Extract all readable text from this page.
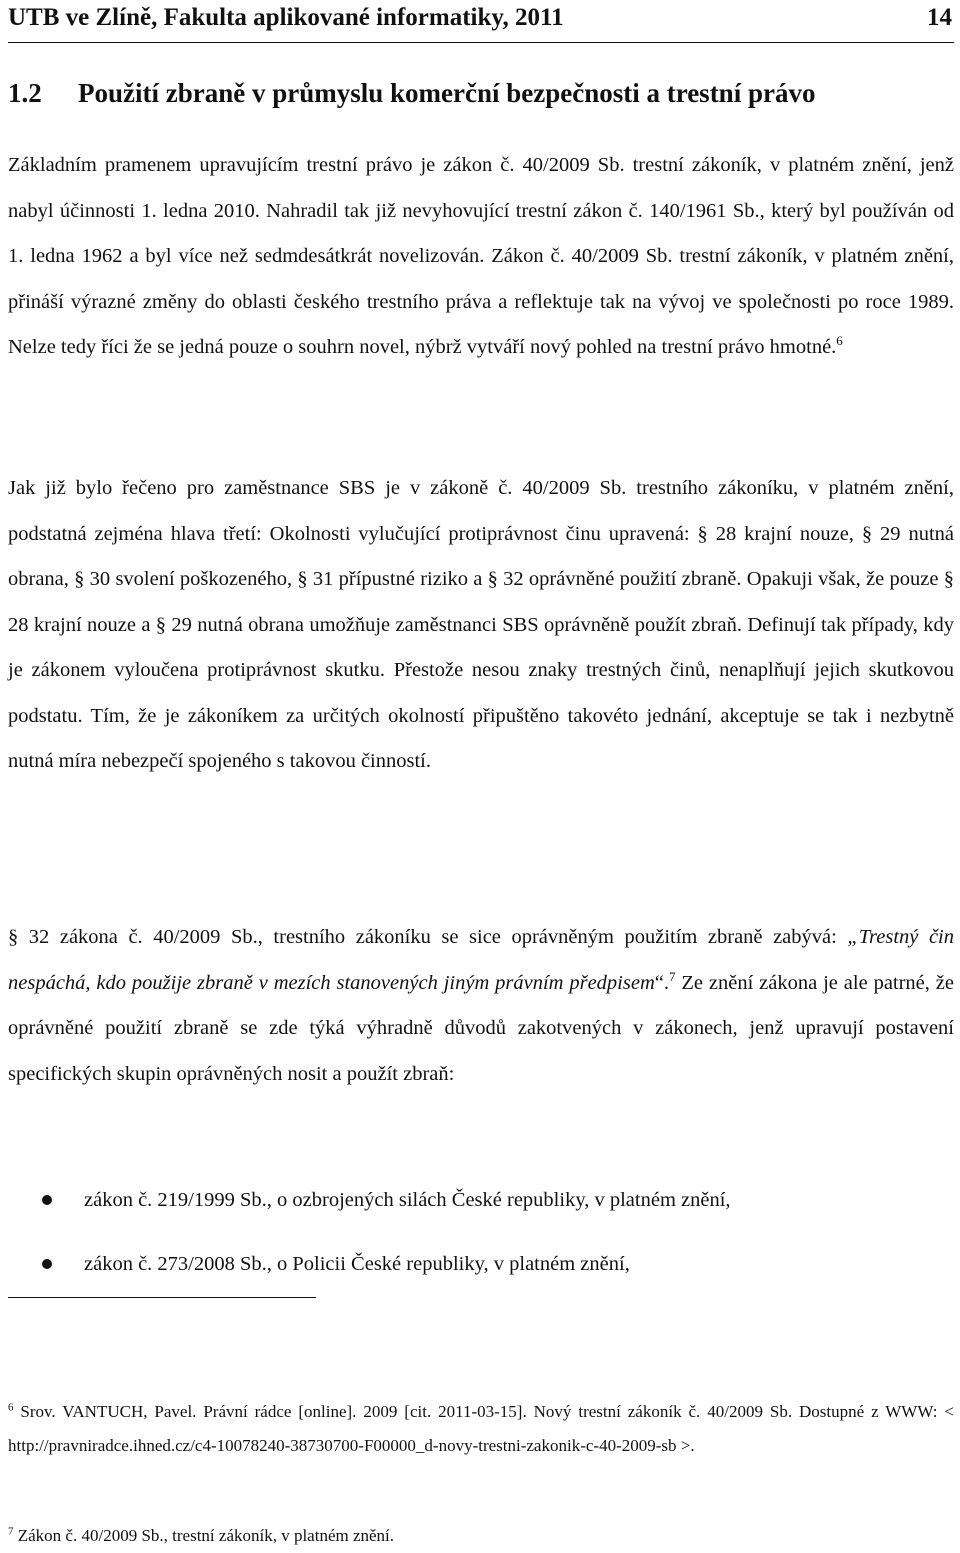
UTB ve Zlíně, Fakulta aplikované informatiky, 2011	14
1.2 Použití zbraně v průmyslu komerční bezpečnosti a trestní právo

Základním pramenem upravujícím trestní právo je zákon č. 40/2009 Sb. trestní zákoník, v platném znění, jenž nabyl účinnosti 1. ledna 2010. Nahradil tak již nevyhovující trestní zákon č. 140/1961 Sb., který byl používán od 1. ledna 1962 a byl více než sedmdesátkrát novelizován. Zákon č. 40/2009 Sb. trestní zákoník, v platném znění, přináší výrazné změny do oblasti českého trestního práva a reflektuje tak na vývoj ve společnosti po roce 1989. Nelze tedy říci že se jedná pouze o souhrn novel, nýbrž vytváří nový pohled na trestní právo hmotné.$^6$

Jak již bylo řečeno pro zaměstnance SBS je v zákoně č. 40/2009 Sb. trestního zákoníku, v platném znění, podstatná zejména hlava třetí: Okolnosti vylučující protiprávnost činu upravená: § 28 krajní nouze, § 29 nutná obrana, § 30 svolení poškozeného, § 31 přípustné riziko a § 32 oprávněné použití zbraně. Opakuji však, že pouze § 28 krajní nouze a § 29 nutná obrana umožňuje zaměstnanci SBS oprávněně použít zbraň. Definují tak případy, kdy je zákonem vyloučena protiprávnost skutku. Přestože nesou znaky trestných činů, nenaplňují jejich skutkovou podstatu. Tím, že je zákoníkem za určitých okolností připuštěno takovéto jednání, akceptuje se tak i nezbytně nutná míra nebezpečí spojeného s takovou činností.

§ 32 zákona č. 40/2009 Sb., trestního zákoníku se sice oprávněným použitím zbraně zabývá: „Trestný čin nespáchá, kdo použije zbraně v mezích stanovených jiným právním předpisem“.$^7$ Ze znění zákona je ale patrné, že oprávněné použití zbraně se zde týká výhradně důvodů zakotvených v zákonech, jenž upravují postavení specifických skupin oprávněných nosit a použít zbraň:

zákon č. 219/1999 Sb., o ozbrojených silách České republiky, v platném znění,
zákon č. 273/2008 Sb., o Policii České republiky, v platném znění,

$^6$ Srov. VANTUCH, Pavel. Právní rádce [online]. 2009 [cit. 2011-03-15]. Nový trestní zákoník č. 40/2009 Sb. Dostupné z WWW: < http://pravniradce.ihned.cz/c4-10078240-38730700-F00000_d-novy-trestni-zakonik-c-40-2009-sb >.

$^7$ Zákon č. 40/2009 Sb., trestní zákoník, v platném znění.
